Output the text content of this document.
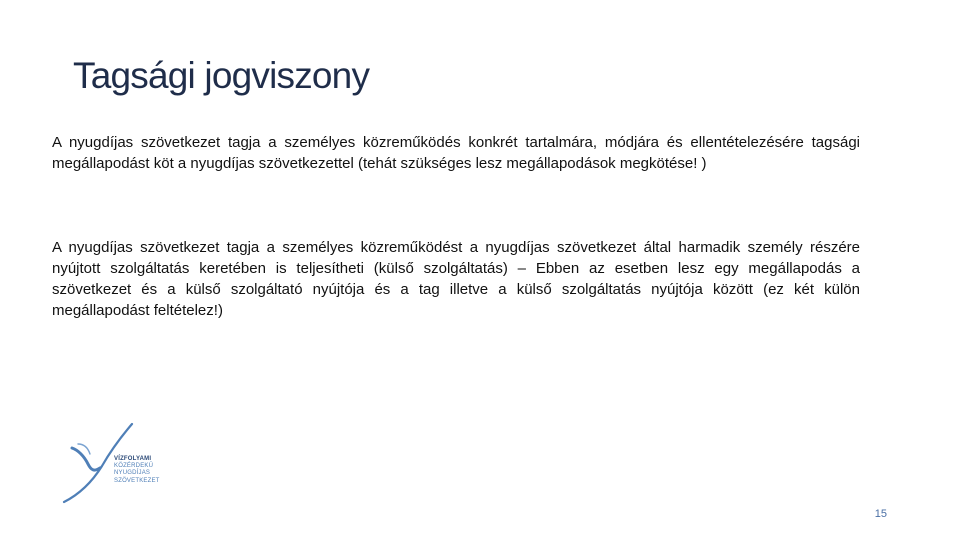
Tagsági jogviszony

A nyugdíjas szövetkezet tagja a személyes közreműködés konkrét tartalmára, módjára és ellentételezésére tagsági megállapodást köt a nyugdíjas szövetkezettel (tehát szükséges lesz megállapodások megkötése! )

A nyugdíjas szövetkezet tagja a személyes közreműködést a nyugdíjas szövetkezet által harmadik személy részére nyújtott szolgáltatás keretében is teljesítheti (külső szolgáltatás) – Ebben az esetben lesz egy megállapodás a szövetkezet és a külső szolgáltató nyújtója és a tag illetve a külső szolgáltatás nyújtója között (ez két külön megállapodást feltételez!)

VÍZFOLYAMI
KÖZÉRDEKŰ
NYUGDÍJAS
SZÖVETKEZET
15
